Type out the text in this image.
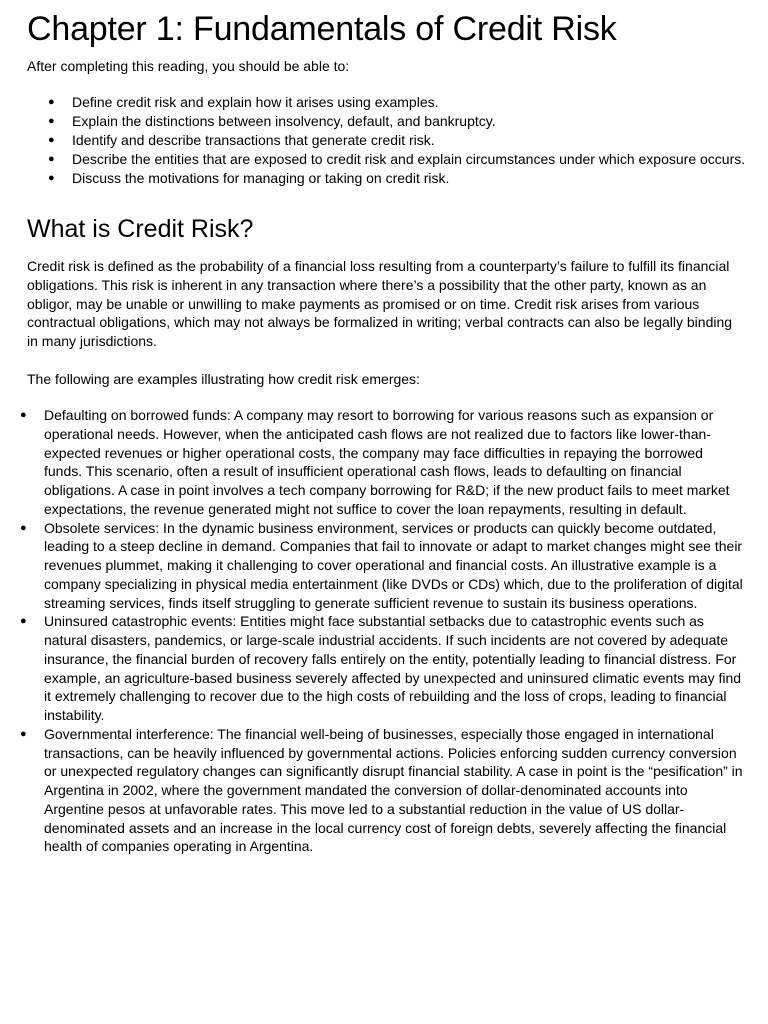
Chapter 1: Fundamentals of Credit Risk

After completing this reading, you should be able to:

● Define credit risk and explain how it arises using examples.
● Explain the distinctions between insolvency, default, and bankruptcy.
● Identify and describe transactions that generate credit risk.
● Describe the entities that are exposed to credit risk and explain circumstances under which exposure occurs.
● Discuss the motivations for managing or taking on credit risk.
What is Credit Risk?

Credit risk is defined as the probability of a financial loss resulting from a counterparty’s failure to fulfill its financial obligations. This risk is inherent in any transaction where there’s a possibility that the other party, known as an obligor, may be unable or unwilling to make payments as promised or on time. Credit risk arises from various contractual obligations, which may not always be formalized in writing; verbal contracts can also be legally binding in many jurisdictions.

The following are examples illustrating how credit risk emerges:

● Defaulting on borrowed funds: A company may resort to borrowing for various reasons such as expansion or operational needs. However, when the anticipated cash flows are not realized due to factors like lower-than-expected revenues or higher operational costs, the company may face difficulties in repaying the borrowed funds. This scenario, often a result of insufficient operational cash flows, leads to defaulting on financial obligations. A case in point involves a tech company borrowing for R&D; if the new product fails to meet market expectations, the revenue generated might not suffice to cover the loan repayments, resulting in default.
● Obsolete services: In the dynamic business environment, services or products can quickly become outdated, leading to a steep decline in demand. Companies that fail to innovate or adapt to market changes might see their revenues plummet, making it challenging to cover operational and financial costs. An illustrative example is a company specializing in physical media entertainment (like DVDs or CDs) which, due to the proliferation of digital streaming services, finds itself struggling to generate sufficient revenue to sustain its business operations.
● Uninsured catastrophic events: Entities might face substantial setbacks due to catastrophic events such as natural disasters, pandemics, or large-scale industrial accidents. If such incidents are not covered by adequate insurance, the financial burden of recovery falls entirely on the entity, potentially leading to financial distress. For example, an agriculture-based business severely affected by unexpected and uninsured climatic events may find it extremely challenging to recover due to the high costs of rebuilding and the loss of crops, leading to financial instability.
● Governmental interference: The financial well-being of businesses, especially those engaged in international transactions, can be heavily influenced by governmental actions. Policies enforcing sudden currency conversion or unexpected regulatory changes can significantly disrupt financial stability. A case in point is the “pesification” in Argentina in 2002, where the government mandated the conversion of dollar-denominated accounts into Argentine pesos at unfavorable rates. This move led to a substantial reduction in the value of US dollar-denominated assets and an increase in the local currency cost of foreign debts, severely affecting the financial health of companies operating in Argentina.
